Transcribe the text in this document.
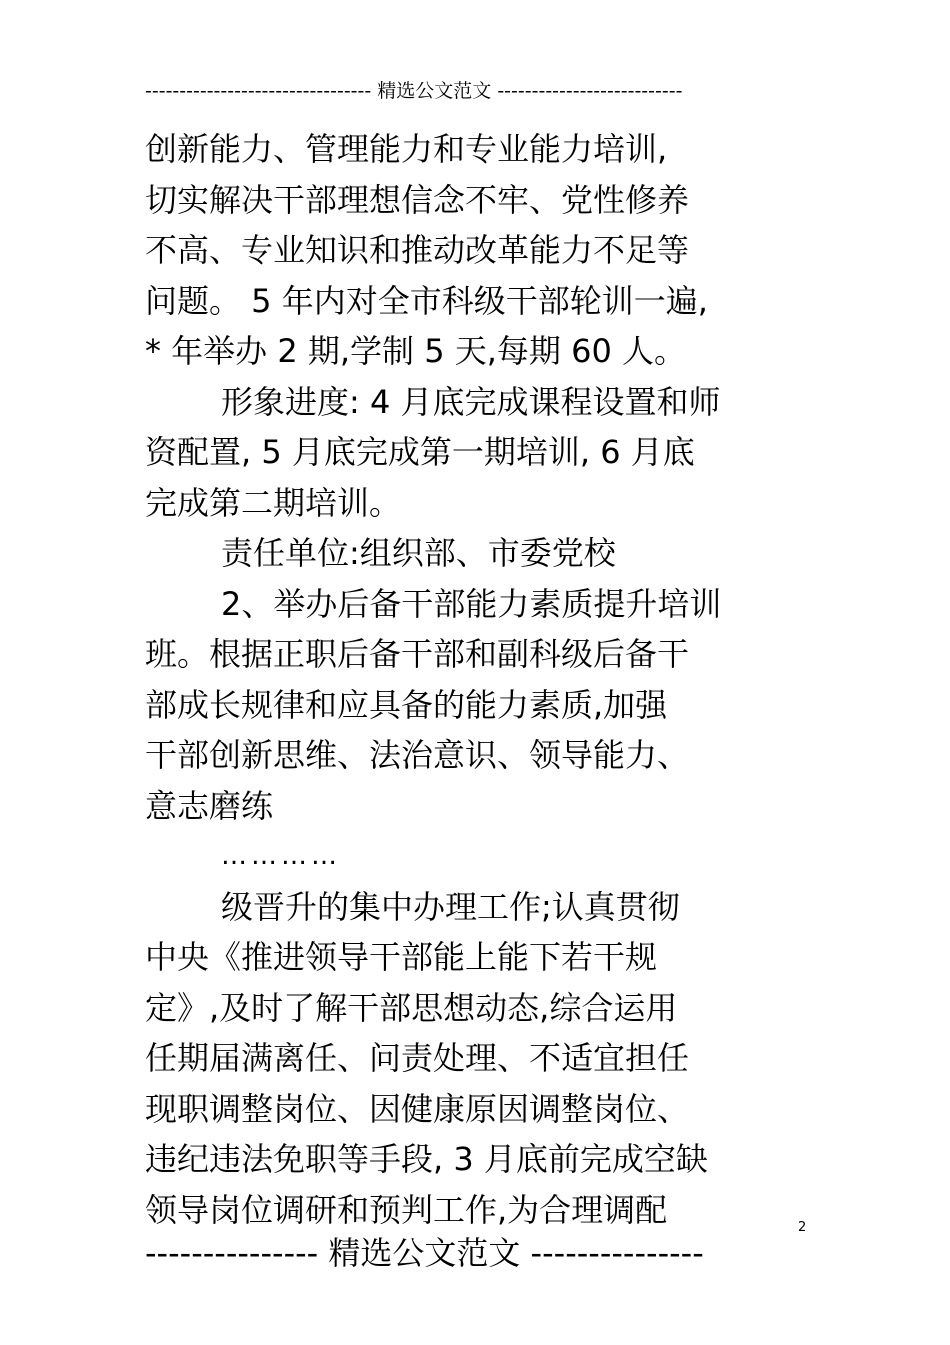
--------------------------------- 精选公文范文 ---------------------------
创新能力、管理能力和专业能力培训,
切实解决干部理想信念不牢、党性修养
不高、专业知识和推动改革能力不足等
问题。 5 年内对全市科级干部轮训一遍,
* 年举办 2 期,学制 5 天,每期 60 人。
形象进度: 4 月底完成课程设置和师
资配置, 5 月底完成第一期培训, 6 月底
完成第二期培训。
责任单位:组织部、市委党校
2、举办后备干部能力素质提升培训
班。根据正职后备干部和副科级后备干
部成长规律和应具备的能力素质,加强
干部创新思维、法治意识、领导能力、
意志磨练
…………
级晋升的集中办理工作;认真贯彻
中央《推进领导干部能上能下若干规
定》,及时了解干部思想动态,综合运用
任期届满离任、问责处理、不适宜担任
现职调整岗位、因健康原因调整岗位、
违纪违法免职等手段, 3 月底前完成空缺
领导岗位调研和预判工作,为合理调配	2
--------------- 精选公文范文 ---------------
